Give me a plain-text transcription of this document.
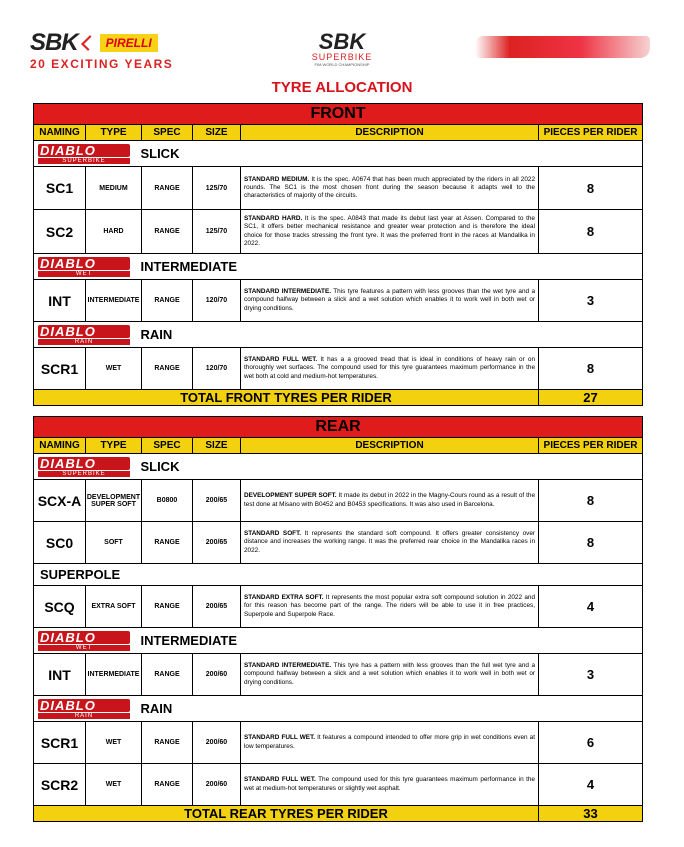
SBK	PIRELLI
20 EXCITING YEARS
SBK
SUPERBIKE
FIM WORLD CHAMPIONSHIP
TYRE ALLOCATION
FRONT					
NAMING	TYPE	SPEC	SIZE	DESCRIPTION	PIECES PER RIDER

DIABLO
SUPERBIKE SLICK					
SC1	MEDIUM	RANGE	125/70	STANDARD MEDIUM. It is the spec. A0674 that has been much appreciated by the riders in all 2022 rounds. The SC1 is the most chosen front during the season because it adapts well to the characteristics of majority of the circuits.	8
SC2	HARD	RANGE	125/70	STANDARD HARD. It is the spec. A0843 that made its debut last year at Assen. Compared to the SC1, it offers better mechanical resistance and greater wear protection and is therefore the ideal choice for those tracks stressing the front tyre. It was the preferred front in the races at Mandalika in 2022.	8

DIABLO
WET INTERMEDIATE					
INT	INTERMEDIATE	RANGE	120/70	STANDARD INTERMEDIATE. This tyre features a pattern with less grooves than the wet tyre and a compound halfway between a slick and a wet solution which enables it to work well in both wet or drying conditions.	3

DIABLO
RAIN RAIN					
SCR1	WET	RANGE	120/70	STANDARD FULL WET. It has a a grooved tread that is ideal in conditions of heavy rain or on thoroughly wet surfaces. The compound used for this tyre guarantees maximum performance in the wet both at cold and medium-hot temperatures.	8
TOTAL FRONT TYRES PER RIDER					27
REAR					
NAMING	TYPE	SPEC	SIZE	DESCRIPTION	PIECES PER RIDER

DIABLO
SUPERBIKE SLICK					
SCX-A	DEVELOPMENT SUPER SOFT	B0800	200/65	DEVELOPMENT SUPER SOFT. It made its debut in 2022 in the Magny-Cours round as a result of the test done at Misano with B0452 and B0453 specifications. It was also used in Barcelona.	8
SC0	SOFT	RANGE	200/65	STANDARD SOFT. It represents the standard soft compound. It offers greater consistency over distance and increases the working range. It was the preferred rear choice in the Mandalika races in 2022.	8
SUPERPOLE					
SCQ	EXTRA SOFT	RANGE	200/65	STANDARD EXTRA SOFT. It represents the most popular extra soft compound solution in 2022 and for this reason has become part of the range. The riders will be able to use it in free practices, Superpole and Superpole Race.	4

DIABLO
WET INTERMEDIATE					
INT	INTERMEDIATE	RANGE	200/60	STANDARD INTERMEDIATE. This tyre has a pattern with less grooves than the full wet tyre and a compound halfway between a slick and a wet solution which enables it to work well in both wet or drying conditions.	3

DIABLO
RAIN RAIN					
SCR1	WET	RANGE	200/60	STANDARD FULL WET. It features a compound intended to offer more grip in wet conditions even at low temperatures.	6
SCR2	WET	RANGE	200/60	STANDARD FULL WET. The compound used for this tyre guarantees maximum performance in the wet at medium-hot temperatures or slightly wet asphalt.	4
TOTAL REAR TYRES PER RIDER					33
